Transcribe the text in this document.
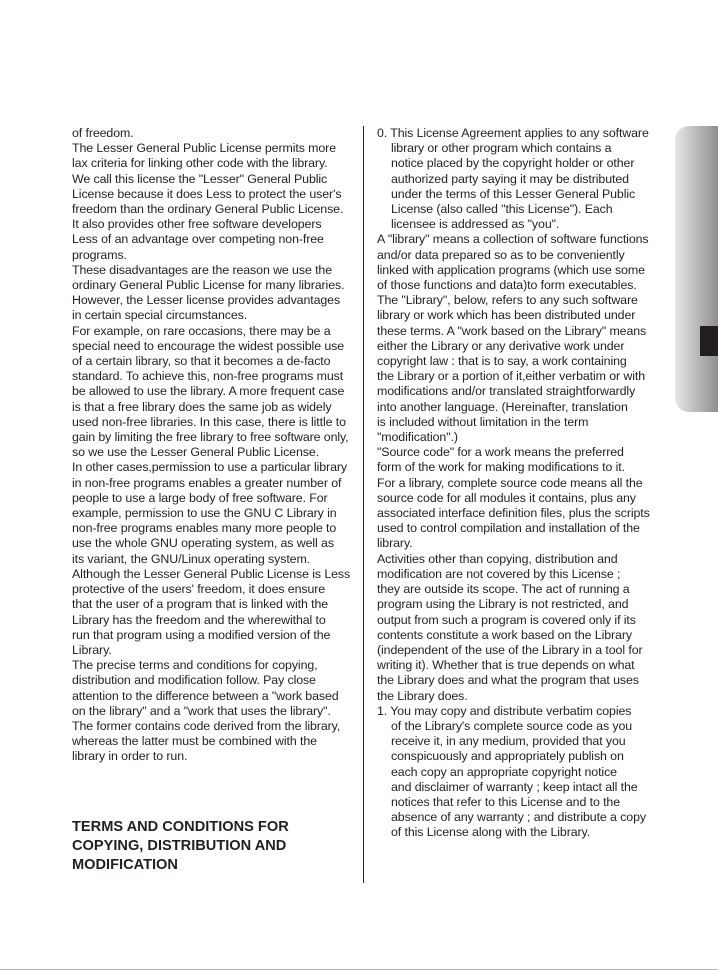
of freedom.

The Lesser General Public License permits more

lax criteria for linking other code with the library.

We call this license the "Lesser" General Public

License because it does Less to protect the user's

freedom than the ordinary General Public License.

It also provides other free software developers

Less of an advantage over competing non-free

programs.

These disadvantages are the reason we use the

ordinary General Public License for many libraries.

However, the Lesser license provides advantages

in certain special circumstances.

For example, on rare occasions, there may be a

special need to encourage the widest possible use

of a certain library, so that it becomes a de-facto

standard. To achieve this, non-free programs must

be allowed to use the library. A more frequent case

is that a free library does the same job as widely

used non-free libraries. In this case, there is little to

gain by limiting the free library to free software only,

so we use the Lesser General Public License.

In other cases,permission to use a particular library

in non-free programs enables a greater number of

people to use a large body of free software. For

example, permission to use the GNU C Library in

non-free programs enables many more people to

use the whole GNU operating system, as well as

its variant, the GNU/Linux operating system.

Although the Lesser General Public License is Less

protective of the users' freedom, it does ensure

that the user of a program that is linked with the

Library has the freedom and the wherewithal to

run that program using a modified version of the

Library.

The precise terms and conditions for copying,

distribution and modification follow. Pay close

attention to the difference between a "work based

on the library" and a "work that uses the library".

The former contains code derived from the library,

whereas the latter must be combined with the

library in order to run.

TERMS AND CONDITIONS FOR

COPYING, DISTRIBUTION AND

MODIFICATION

0. This License Agreement applies to any software

library or other program which contains a

notice placed by the copyright holder or other

authorized party saying it may be distributed

under the terms of this Lesser General Public

License (also called "this License"). Each

licensee is addressed as "you".

A "library" means a collection of software functions

and/or data prepared so as to be conveniently

linked with application programs (which use some

of those functions and data)to form executables.

The "Library", below, refers to any such software

library or work which has been distributed under

these terms. A "work based on the Library" means

either the Library or any derivative work under

copyright law : that is to say, a work containing

the Library or a portion of it,either verbatim or with

modifications and/or translated straightforwardly

into another language. (Hereinafter, translation

is included without limitation in the term

"modification".)

"Source code" for a work means the preferred

form of the work for making modifications to it.

For a library, complete source code means all the

source code for all modules it contains, plus any

associated interface definition files, plus the scripts

used to control compilation and installation of the

library.

Activities other than copying, distribution and

modification are not covered by this License ;

they are outside its scope. The act of running a

program using the Library is not restricted, and

output from such a program is covered only if its

contents constitute a work based on the Library

(independent of the use of the Library in a tool for

writing it). Whether that is true depends on what

the Library does and what the program that uses

the Library does.

1. You may copy and distribute verbatim copies

of the Library's complete source code as you

receive it, in any medium, provided that you

conspicuously and appropriately publish on

each copy an appropriate copyright notice

and disclaimer of warranty ; keep intact all the

notices that refer to this License and to the

absence of any warranty ; and distribute a copy

of this License along with the Library.
